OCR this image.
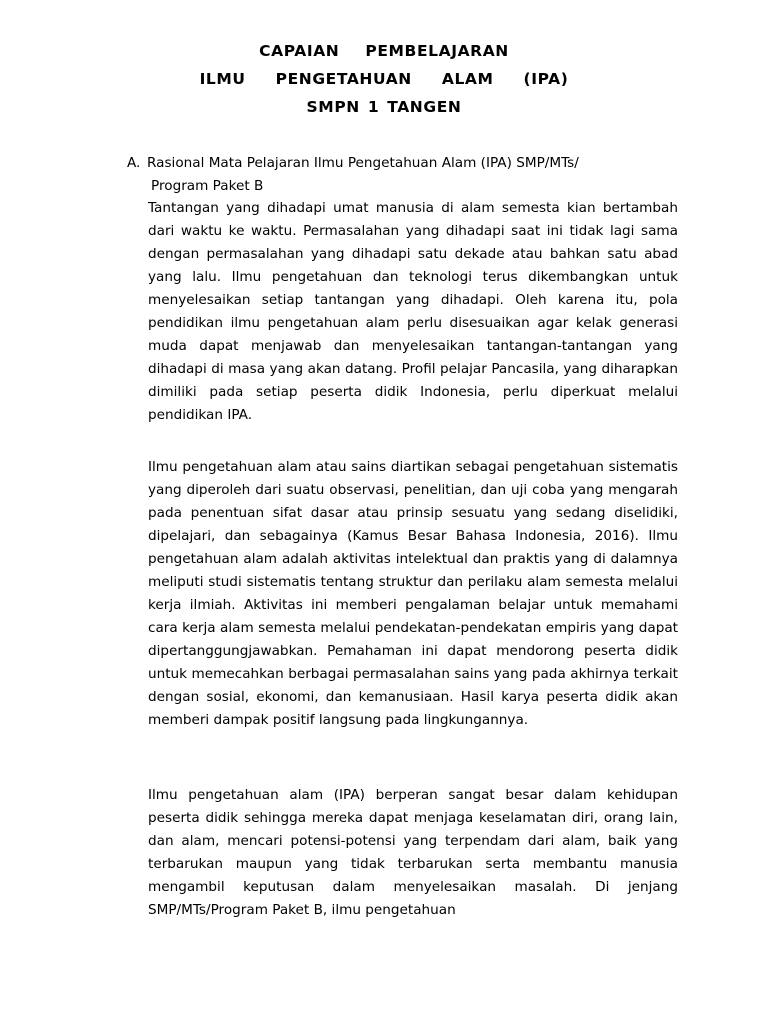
CAPAIAN PEMBELAJARAN
ILMU PENGETAHUAN ALAM (IPA)
SMPN 1 TANGEN
A. Rasional Mata Pelajaran Ilmu Pengetahuan Alam (IPA) SMP/MTs/
Program Paket B

Tantangan yang dihadapi umat manusia di alam semesta kian bertambah dari waktu ke waktu. Permasalahan yang dihadapi saat ini tidak lagi sama dengan permasalahan yang dihadapi satu dekade atau bahkan satu abad yang lalu. Ilmu pengetahuan dan teknologi terus dikembangkan untuk menyelesaikan setiap tantangan yang dihadapi. Oleh karena itu, pola pendidikan ilmu pengetahuan alam perlu disesuaikan agar kelak generasi muda dapat menjawab dan menyelesaikan tantangan-tantangan yang dihadapi di masa yang akan datang. Profil pelajar Pancasila, yang diharapkan dimiliki pada setiap peserta didik Indonesia, perlu diperkuat melalui pendidikan IPA.

Ilmu pengetahuan alam atau sains diartikan sebagai pengetahuan sistematis yang diperoleh dari suatu observasi, penelitian, dan uji coba yang mengarah pada penentuan sifat dasar atau prinsip sesuatu yang sedang diselidiki, dipelajari, dan sebagainya (Kamus Besar Bahasa Indonesia, 2016). Ilmu pengetahuan alam adalah aktivitas intelektual dan praktis yang di dalamnya meliputi studi sistematis tentang struktur dan perilaku alam semesta melalui kerja ilmiah. Aktivitas ini memberi pengalaman belajar untuk memahami cara kerja alam semesta melalui pendekatan-pendekatan empiris yang dapat dipertanggungjawabkan. Pemahaman ini dapat mendorong peserta didik untuk memecahkan berbagai permasalahan sains yang pada akhirnya terkait dengan sosial, ekonomi, dan kemanusiaan. Hasil karya peserta didik akan memberi dampak positif langsung pada lingkungannya.

Ilmu pengetahuan alam (IPA) berperan sangat besar dalam kehidupan peserta didik sehingga mereka dapat menjaga keselamatan diri, orang lain, dan alam, mencari potensi-potensi yang terpendam dari alam, baik yang terbarukan maupun yang tidak terbarukan serta membantu manusia mengambil keputusan dalam menyelesaikan masalah. Di jenjang SMP/MTs/Program Paket B, ilmu pengetahuan
